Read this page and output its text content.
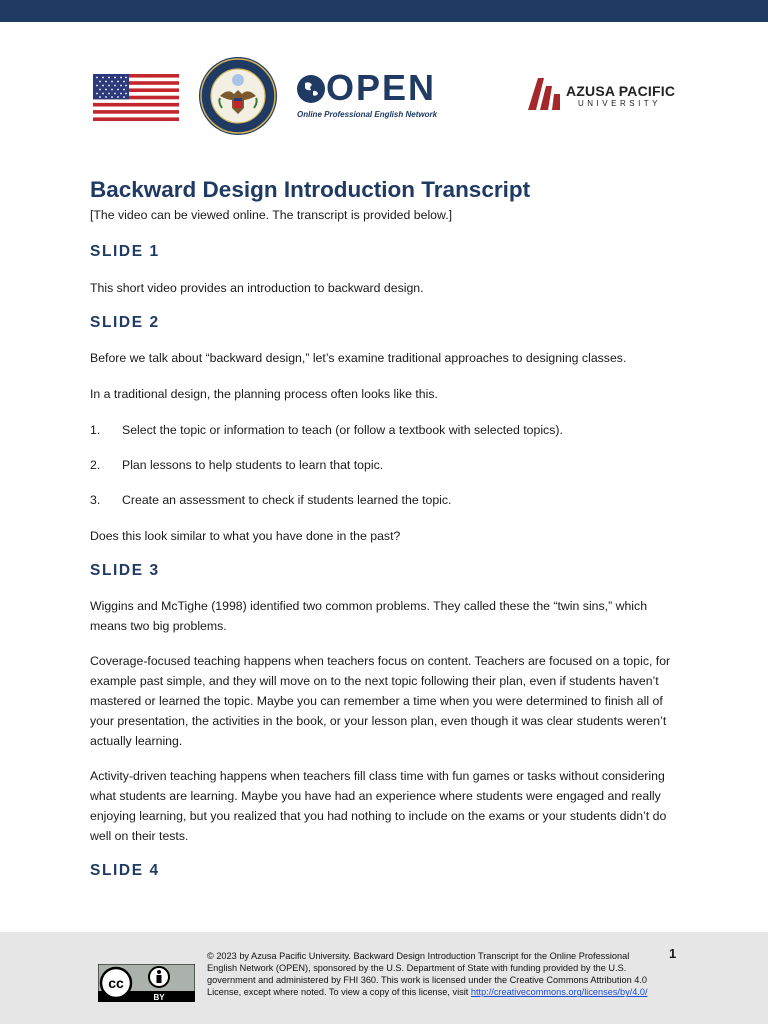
OPEN
Online Professional English Network
AZUSA PACIFIC
UNIVERSITY
Backward Design Introduction Transcript

[The video can be viewed online. The transcript is provided below.]

SLIDE 1

This short video provides an introduction to backward design.

SLIDE 2

Before we talk about “backward design,” let’s examine traditional approaches to designing classes.

In a traditional design, the planning process often looks like this.

1.	Select the topic or information to teach (or follow a textbook with selected topics).
2.	Plan lessons to help students to learn that topic.
3.	Create an assessment to check if students learned the topic.

Does this look similar to what you have done in the past?

SLIDE 3

Wiggins and McTighe (1998) identified two common problems. They called these the “twin sins,” which means two big problems.

Coverage-focused teaching happens when teachers focus on content. Teachers are focused on a topic, for example past simple, and they will move on to the next topic following their plan, even if students haven’t mastered or learned the topic. Maybe you can remember a time when you were determined to finish all of your presentation, the activities in the book, or your lesson plan, even though it was clear students weren’t actually learning.

Activity-driven teaching happens when teachers fill class time with fun games or tasks without considering what students are learning. Maybe you have had an experience where students were engaged and really enjoying learning, but you realized that you had nothing to include on the exams or your students didn’t do well on their tests.

SLIDE 4
cc
BY
© 2023 by Azusa Pacific University. Backward Design Introduction Transcript for the Online Professional English Network (OPEN), sponsored by the U.S. Department of State with funding provided by the U.S. government and administered by FHI 360. This work is licensed under the Creative Commons Attribution 4.0 License, except where noted. To view a copy of this license, visit http://creativecommons.org/licenses/by/4.0/
1
